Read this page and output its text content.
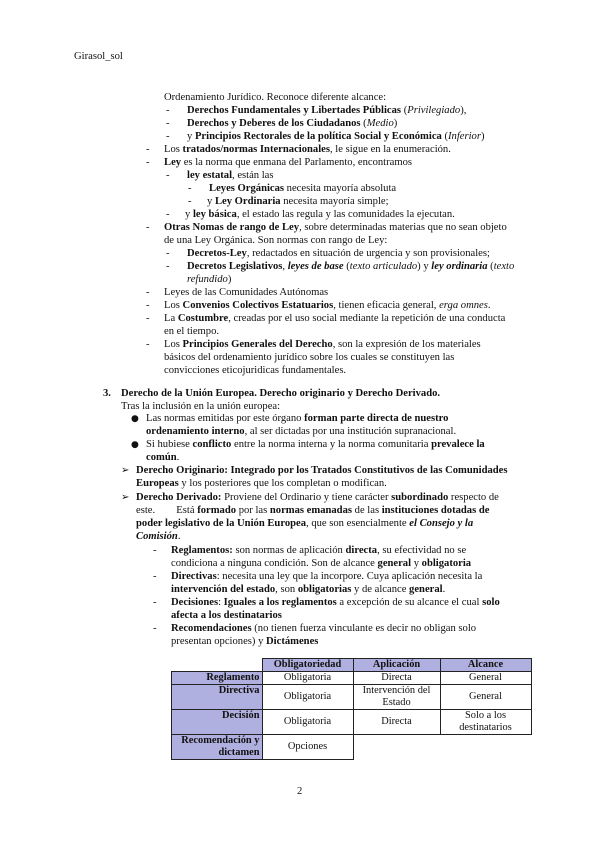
Girasol_sol
Ordenamiento Jurídico. Reconoce diferente alcance:
- Derechos Fundamentales y Libertades Públicas (Privilegiado),
- Derechos y Deberes de los Ciudadanos (Medio)
- y Principios Rectorales de la política Social y Económica (Inferior)
- Los tratados/normas Internacionales, le sigue en la enumeración.
- Ley es la norma que enmana del Parlamento, encontramos
- ley estatal, están las
- Leyes Orgánicas necesita mayoría absoluta
- y Ley Ordinaria necesita mayoría simple;
- y ley básica, el estado las regula y las comunidades la ejecutan.
- Otras Nomas de rango de Ley, sobre determinadas materias que no sean objeto
de una Ley Orgánica. Son normas con rango de Ley:
- Decretos-Ley, redactados en situación de urgencia y son provisionales;
- Decretos Legislativos, leyes de base (texto articulado) y ley ordinaria (texto
refundido)
- Leyes de las Comunidades Autónomas
- Los Convenios Colectivos Estatuarios, tienen eficacia general, erga omnes.
- La Costumbre, creadas por el uso social mediante la repetición de una conducta
en el tiempo.
- Los Principios Generales del Derecho, son la expresión de los materiales
básicos del ordenamiento jurídico sobre los cuales se constituyen las
convicciones eticojuridicas fundamentales.
3. Derecho de la Unión Europea. Derecho originario y Derecho Derivado.
Tras la inclusión en la unión europea:
● Las normas emitidas por este órgano forman parte directa de nuestro
ordenamiento interno, al ser dictadas por una institución supranacional.
● Si hubiese conflicto entre la norma interna y la norma comunitaria prevalece la
común.
➢ Derecho Originario: Integrado por los Tratados Constitutivos de las Comunidades
Europeas y los posteriores que los completan o modifican.
➢ Derecho Derivado: Proviene del Ordinario y tiene carácter subordinado respecto de
este.        Está formado por las normas emanadas de las instituciones dotadas de
poder legislativo de la Unión Europea, que son esencialmente el Consejo y la
Comisión.
- Reglamentos: son normas de aplicación directa, su efectividad no se
condiciona a ninguna condición. Son de alcance general y obligatoria
- Directivas: necesita una ley que la incorpore. Cuya aplicación necesita la
intervención del estado, son obligatorias y de alcance general.
- Decisiones: Iguales a los reglamentos a excepción de su alcance el cual solo
afecta a los destinatarios
- Recomendaciones (no tienen fuerza vinculante es decir no obligan solo
presentan opciones) y Dictámenes
	Obligatoriedad	Aplicación	Alcance
Reglamento	Obligatoria	Directa	General
Directiva	Obligatoria	Intervención del
Estado	General
Decisión	Obligatoria	Directa	Solo a los
destinatarios

Recomendación y
dictamen	Opciones		
2
